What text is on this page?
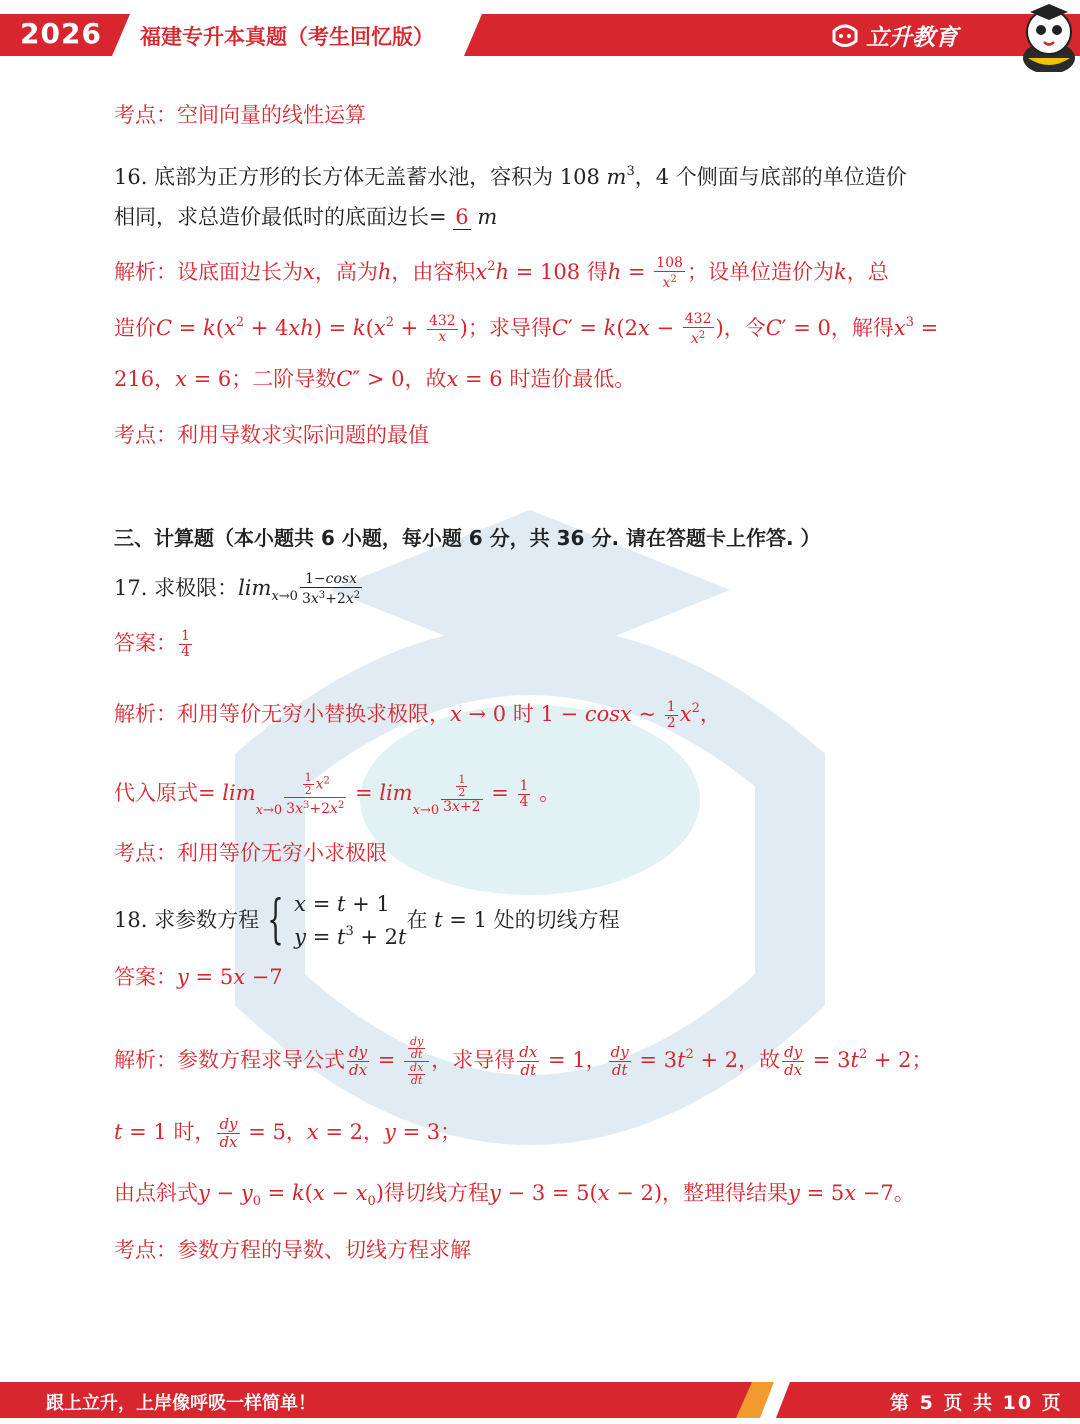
2026 福建专升本真题（考生回忆版）	立升教育
考点：空间向量的线性运算
16. 底部为正方形的长方体无盖蓄水池，容积为 108 $m^3$，4 个侧面与底部的单位造价
相同，求总造价最低时的底面边长= 6 m
解析：设底面边长为x，高为h，由容积$x^2h = 108$ 得$h = \frac{108}{x^2}$ ；设单位造价为k，总
造价$C = k(x^2 + 4xh) = k(x^2 + \frac{432}{x}$ )；求导得$C' = k(2x - \frac{432}{x^2}$ )，令C′ = 0，解得$x^3$ =
216，x = 6；二阶导数C″ > 0，故x = 6 时造价最低。
考点：利用导数求实际问题的最值
三、计算题（本小题共 6 小题，每小题 6 分，共 36 分. 请在答题卡上作答. ）
17. 求极限：$\lim_{x\to 0} \frac{1-\cos x}{3x^3+2x^2}$
答案： $\frac{1}{4}$
解析：利用等价无穷小替换求极限，x → 0 时 1 − cosx ~ $\frac{1}{2} x^2$，
代入原式= $\lim_{x\to 0} \frac{\frac{1}{2} x^2}{3x^3+2x^2} = \lim_{x\to 0} \frac{\frac{1}{2}}{3x+2} = \frac{1}{4}$ 。
考点：利用等价无穷小求极限
18. 求参数方程 { x = t + 1
$y = t^3 + 2t$
在 t = 1 处的切线方程
答案：y = 5x −7
解析：参数方程求导公式 $\frac{dy}{dx} = \frac{\frac{dy}{dt}}{\frac{dx}{dt}}$ ，求导得 $\frac{dx}{dt} = 1$， $\frac{dy}{dt} = 3t^2 + 2$，故 $\frac{dy}{dx} = 3t^2 + 2$；
t = 1 时， $\frac{dy}{dx} = 5$，x = 2，y = 3；
由点斜式$y - y_0 = k(x - x_0)$得切线方程y − 3 = 5(x − 2)，整理得结果y = 5x −7。
考点：参数方程的导数、切线方程求解
跟上立升，上岸像呼吸一样简单！	第 5 页 共 10 页
